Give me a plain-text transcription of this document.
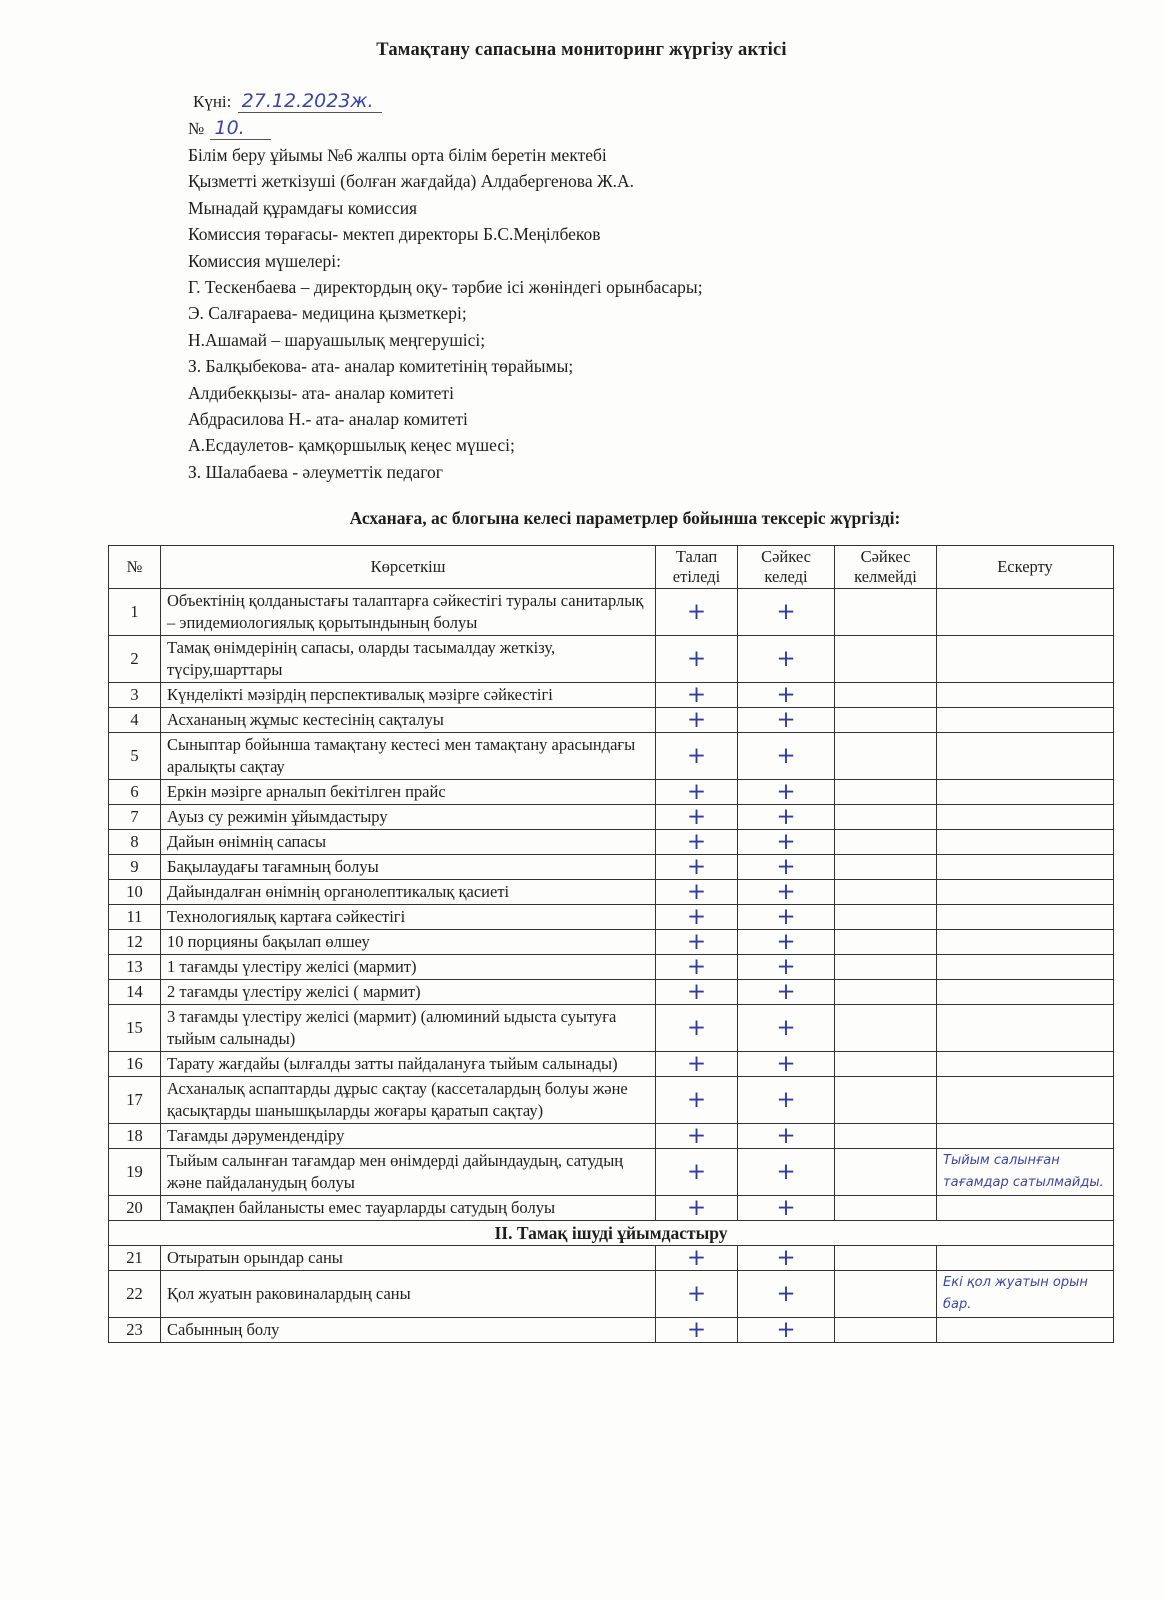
Тамақтану сапасына мониторинг жүргізу актісі
Күні: 27.12.2023ж.
№ 10.
Білім беру ұйымы №6 жалпы орта білім беретін мектебі
Қызметті жеткізуші (болған жағдайда) Алдабергенова Ж.А.
Мынадай құрамдағы комиссия
Комиссия төрағасы- мектеп директоры Б.С.Меңілбеков
Комиссия мүшелері:
Г. Тескенбаева – директордың оқу- тәрбие ісі жөніндегі орынбасары;
Э. Салғараева- медицина қызметкері;
Н.Ашамай – шаруашылық меңгерушісі;
З. Балқыбекова- ата- аналар комитетінің төрайымы;
Алдибекқызы- ата- аналар комитеті
Абдрасилова Н.- ата- аналар комитеті
А.Есдаулетов- қамқоршылық кеңес мүшесі;
З. Шалабаева - әлеуметтік педагог
Асханаға, ас блогына келесі параметрлер бойынша тексеріс жүргізді:
№	Көрсеткіш	Талап етіледі	Сәйкес келеді	Сәйкес келмейді	Ескерту
1	Объектінің қолданыстағы талаптарға сәйкестігі туралы санитарлық – эпидемиологиялық қорытындының болуы	+	+		
2	Тамақ өнімдерінің сапасы, оларды тасымалдау жеткізу, түсіру,шарттары	+	+		
3	Күнделікті мәзірдің перспективалық мәзірге сәйкестігі	+	+		
4	Асхананың жұмыс кестесінің сақталуы	+	+		
5	Сыныптар бойынша тамақтану кестесі мен тамақтану арасындағы аралықты сақтау	+	+		
6	Еркін мәзірге арналып бекітілген прайс	+	+		
7	Ауыз су режимін ұйымдастыру	+	+		
8	Дайын өнімнің сапасы	+	+		
9	Бақылаудағы тағамның болуы	+	+		
10	Дайындалған өнімнің органолептикалық қасиеті	+	+		
11	Технологиялық картаға сәйкестігі	+	+		
12	10 порцияны бақылап өлшеу	+	+		
13	1 тағамды үлестіру желісі (мармит)	+	+		
14	2 тағамды үлестіру желісі ( мармит)	+	+		
15	3 тағамды үлестіру желісі (мармит) (алюминий ыдыста суытуға тыйым салынады)	+	+		
16	Тарату жағдайы (ылғалды затты пайдалануға тыйым салынады)	+	+		
17	Асханалық аспаптарды дұрыс сақтау (кассеталардың болуы және қасықтарды шанышқыларды жоғары қаратып сақтау)	+	+		
18	Тағамды дәрумендендіру	+	+		
19	Тыйым салынған тағамдар мен өнімдерді дайындаудың, сатудың және пайдаланудың болуы	+	+		Тыйым салынған тағамдар сатылмайды.
20	Тамақпен байланысты емес тауарларды сатудың болуы	+	+		
II. Тамақ ішуді ұйымдастыру					
21	Отыратын орындар саны	+	+		
22	Қол жуатын раковиналардың саны	+	+		Екі қол жуатын орын бар.
23	Сабынның болу	+	+		
